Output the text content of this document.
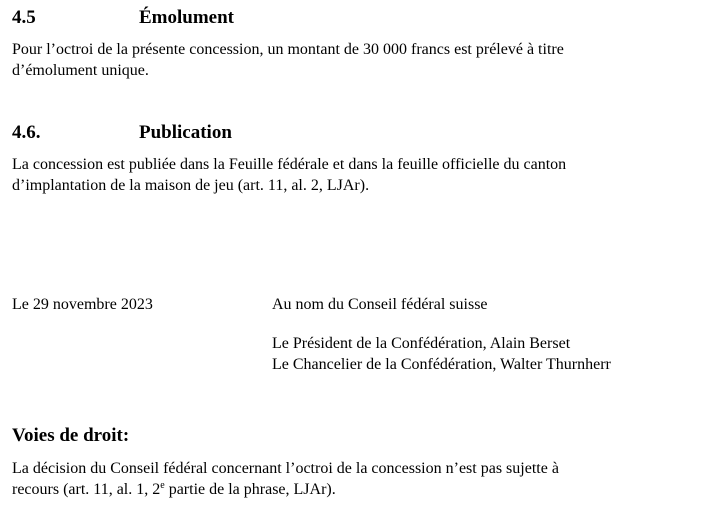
4.5	Émolument
Pour l’octroi de la présente concession, un montant de 30 000 francs est prélevé à titre
d’émolument unique.
4.6.	Publication
La concession est publiée dans la Feuille fédérale et dans la feuille officielle du canton
d’implantation de la maison de jeu (art. 11, al. 2, LJAr).
Le 29 novembre 2023	Au nom du Conseil fédéral suisse
Le Président de la Confédération, Alain Berset
Le Chancelier de la Confédération, Walter Thurnherr
Voies de droit:
La décision du Conseil fédéral concernant l’octroi de la concession n’est pas sujette à
recours (art. 11, al. 1, 2e partie de la phrase, LJAr).
